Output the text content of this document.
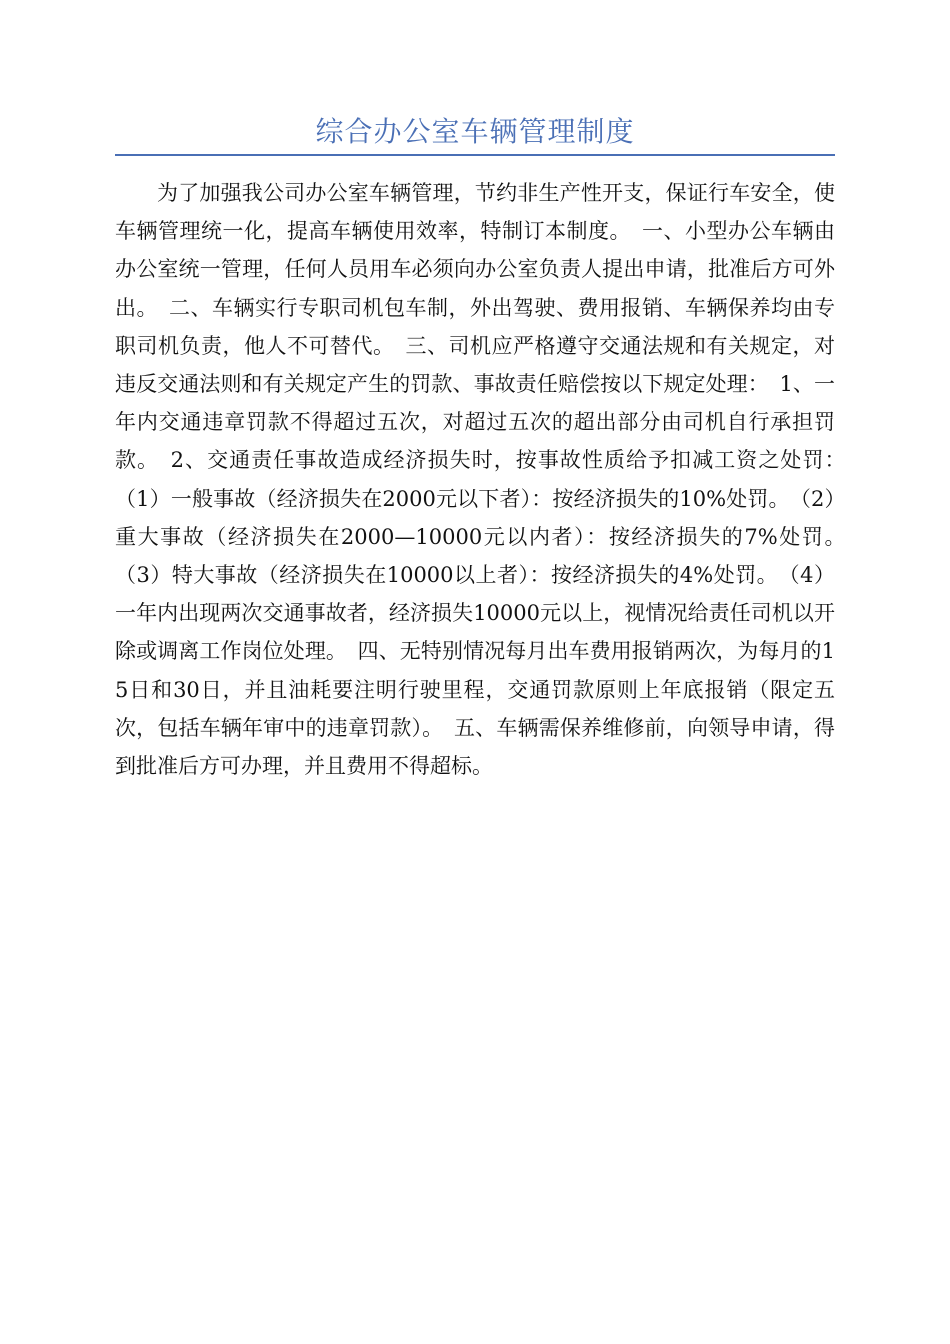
综合办公室车辆管理制度

为了加强我公司办公室车辆管理，节约非生产性开支，保证行车安全，使车辆管理统一化，提高车辆使用效率，特制订本制度。　一、小型办公车辆由办公室统一管理，任何人员用车必须向办公室负责人提出申请，批准后方可外出。　二、车辆实行专职司机包车制，外出驾驶、费用报销、车辆保养均由专职司机负责，他人不可替代。　三、司机应严格遵守交通法规和有关规定，对违反交通法则和有关规定产生的罚款、事故责任赔偿按以下规定处理：　1、一年内交通违章罚款不得超过五次，对超过五次的超出部分由司机自行承担罚款。　2、交通责任事故造成经济损失时，按事故性质给予扣减工资之处罚：　（1）一般事故（经济损失在2000元以下者）：按经济损失的10%处罚。　（2）重大事故（经济损失在2000—10000元以内者）：按经济损失的7%处罚。　（3）特大事故（经济损失在10000以上者）：按经济损失的4%处罚。　（4）一年内出现两次交通事故者，经济损失10000元以上，视情况给责任司机以开除或调离工作岗位处理。　四、无特别情况每月出车费用报销两次，为每月的15日和30日，并且油耗要注明行驶里程，交通罚款原则上年底报销（限定五次，包括车辆年审中的违章罚款）。　五、车辆需保养维修前，向领导申请，得到批准后方可办理，并且费用不得超标。
